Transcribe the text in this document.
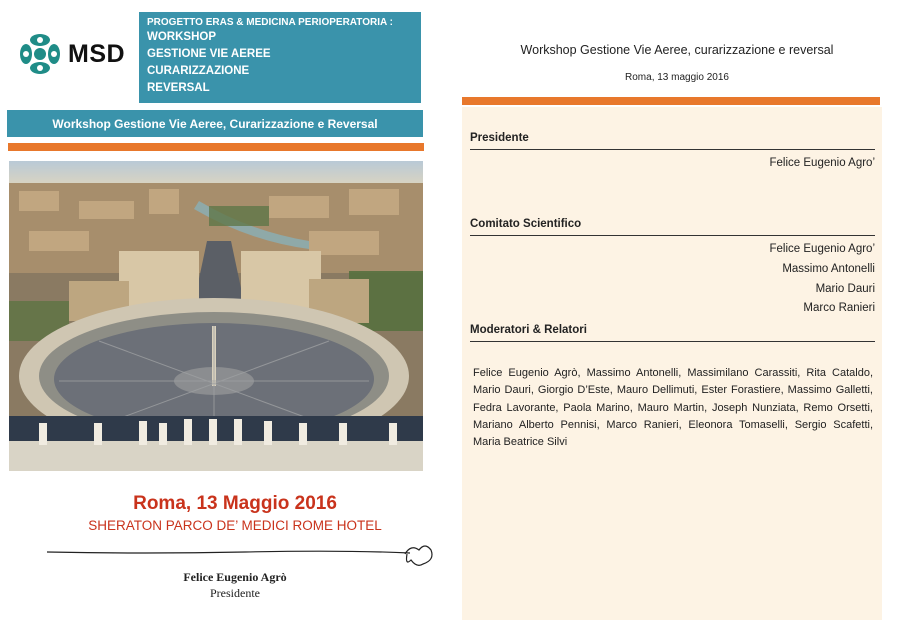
MSD
PROGETTO ERAS & MEDICINA PERIOPERATORIA :
WORKSHOP
GESTIONE VIE AEREE
CURARIZZAZIONE
REVERSAL
Workshop Gestione Vie Aeree, Curarizzazione e Reversal
Roma, 13 Maggio 2016
SHERATON PARCO DE’ MEDICI ROME HOTEL
Felice Eugenio Agrò
Presidente
Workshop Gestione Vie Aeree, curarizzazione e reversal
Roma, 13 maggio 2016
Presidente
Felice Eugenio Agro’
Comitato Scientifico
Felice Eugenio Agro’
Massimo Antonelli
Mario Dauri
Marco Ranieri
Moderatori & Relatori
Felice Eugenio Agrò, Massimo Antonelli, Massimilano Carassiti, Rita Cataldo, Mario Dauri, Giorgio D’Este, Mauro Dellimuti, Ester Forastiere, Massimo Galletti, Fedra Lavorante, Paola Marino, Mauro Martin, Joseph Nunziata, Remo Orsetti, Mariano Alberto Pennisi, Marco Ranieri, Eleonora Tomaselli, Sergio Scafetti, Maria Beatrice Silvi
